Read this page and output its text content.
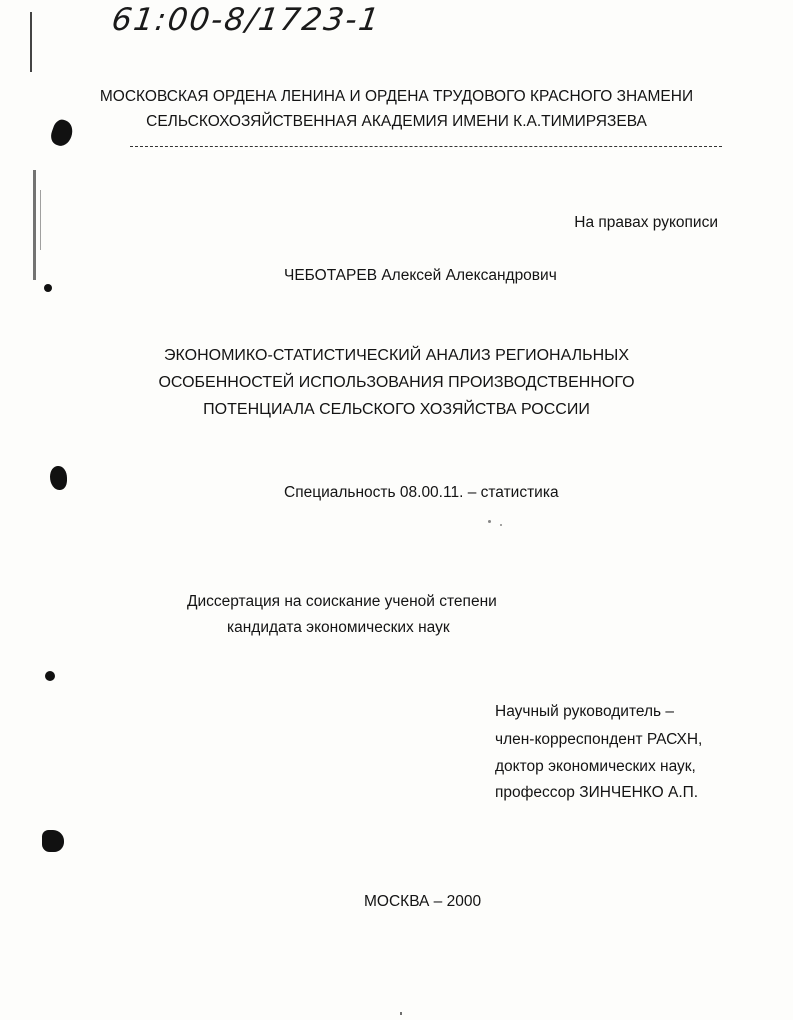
61:00-8/1723-1
МОСКОВСКАЯ ОРДЕНА ЛЕНИНА И ОРДЕНА ТРУДОВОГО КРАСНОГО ЗНАМЕНИ
СЕЛЬСКОХОЗЯЙСТВЕННАЯ АКАДЕМИЯ ИМЕНИ К.А.ТИМИРЯЗЕВА
На правах рукописи
ЧЕБОТАРЕВ Алексей Александрович
ЭКОНОМИКО-СТАТИСТИЧЕСКИЙ АНАЛИЗ РЕГИОНАЛЬНЫХ
ОСОБЕННОСТЕЙ ИСПОЛЬЗОВАНИЯ ПРОИЗВОДСТВЕННОГО
ПОТЕНЦИАЛА СЕЛЬСКОГО ХОЗЯЙСТВА РОССИИ
Специальность 08.00.11. – статистика
Диссертация на соискание ученой степени
кандидата экономических наук
Научный руководитель –
член-корреспондент РАСХН,
доктор экономических наук,
профессор ЗИНЧЕНКО А.П.
МОСКВА – 2000
